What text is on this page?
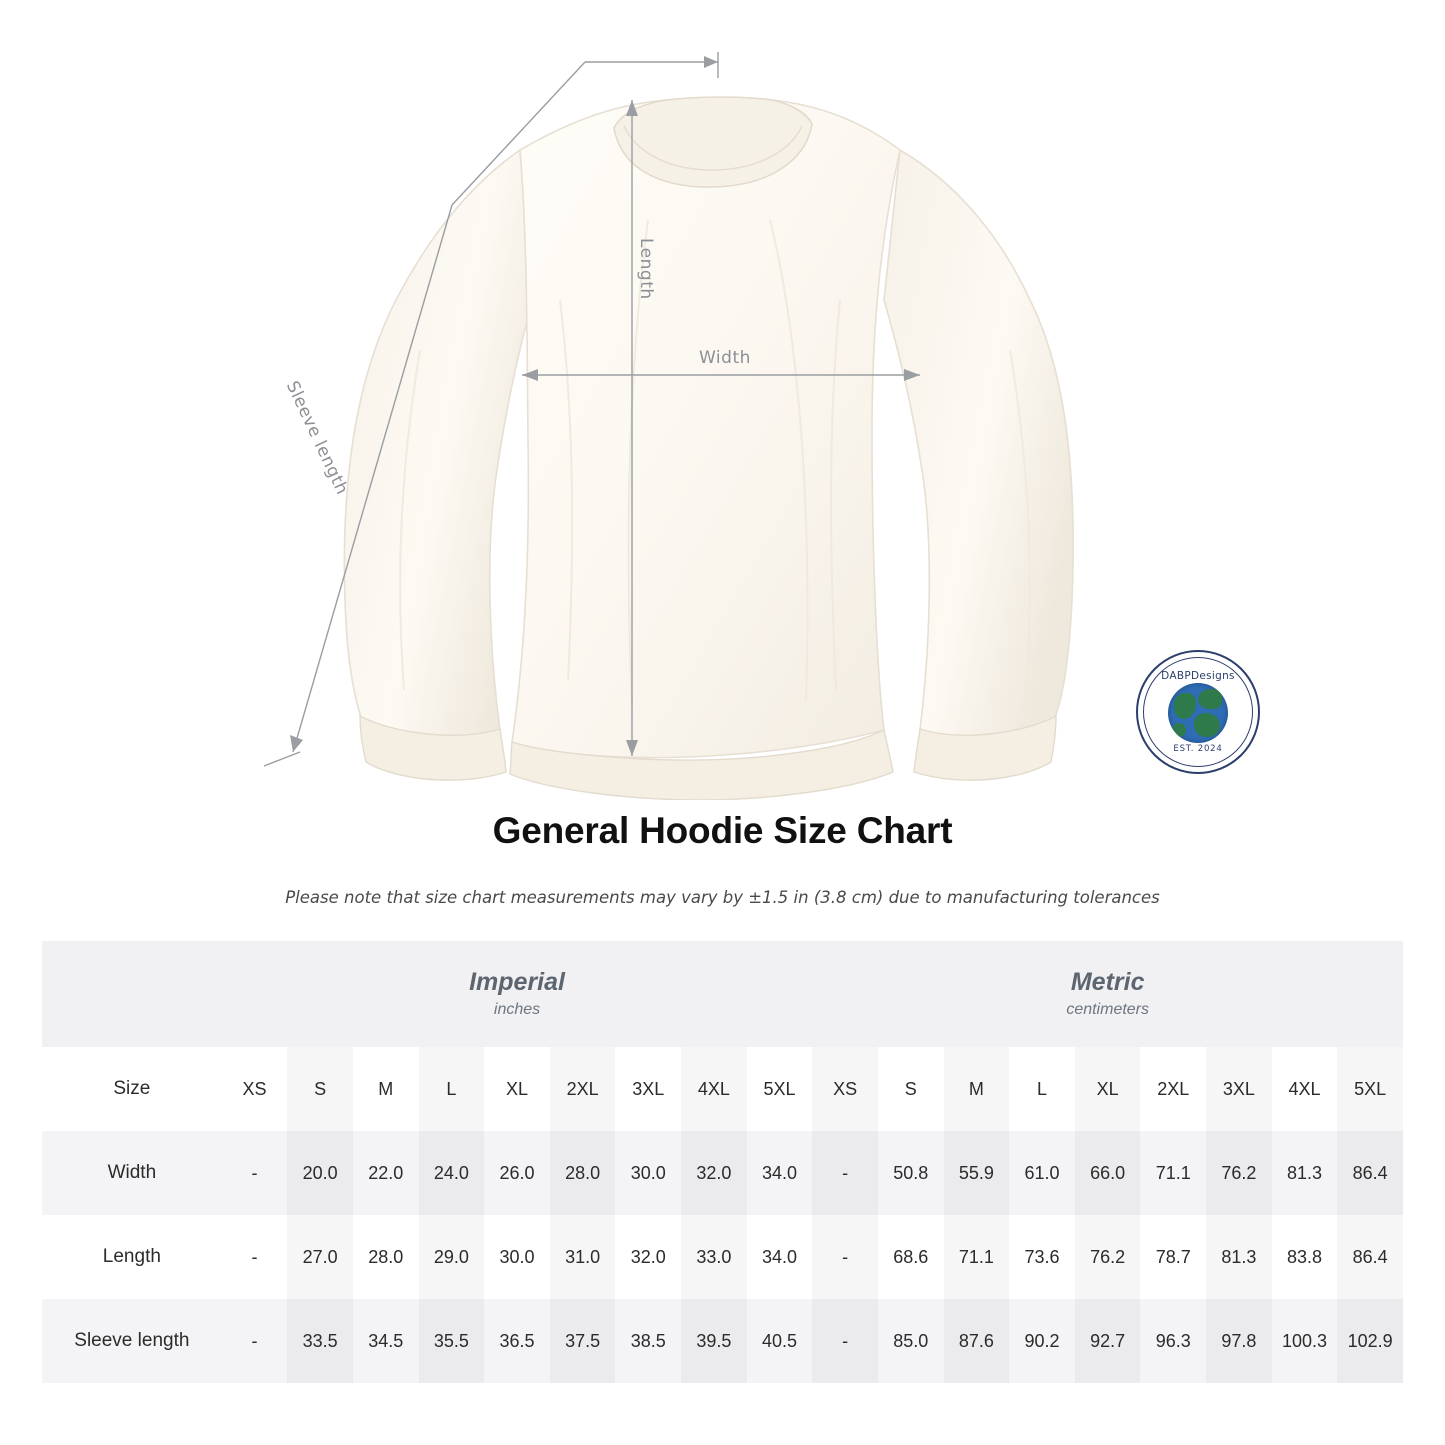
Length
Width
Sleeve length
DABPDesigns
EST. 2024
General Hoodie Size Chart
Please note that size chart measurements may vary by ±1.5 in (3.8 cm) due to manufacturing tolerances

Imperial
inches

Metric
centimeters

Size	XS	S	M	L	XL	2XL	3XL	4XL	5XL	XS	S	M	L	XL	2XL	3XL	4XL	5XL
Width	-	20.0	22.0	24.0	26.0	28.0	30.0	32.0	34.0	-	50.8	55.9	61.0	66.0	71.1	76.2	81.3	86.4
Length	-	27.0	28.0	29.0	30.0	31.0	32.0	33.0	34.0	-	68.6	71.1	73.6	76.2	78.7	81.3	83.8	86.4
Sleeve length	-	33.5	34.5	35.5	36.5	37.5	38.5	39.5	40.5	-	85.0	87.6	90.2	92.7	96.3	97.8	100.3	102.9
